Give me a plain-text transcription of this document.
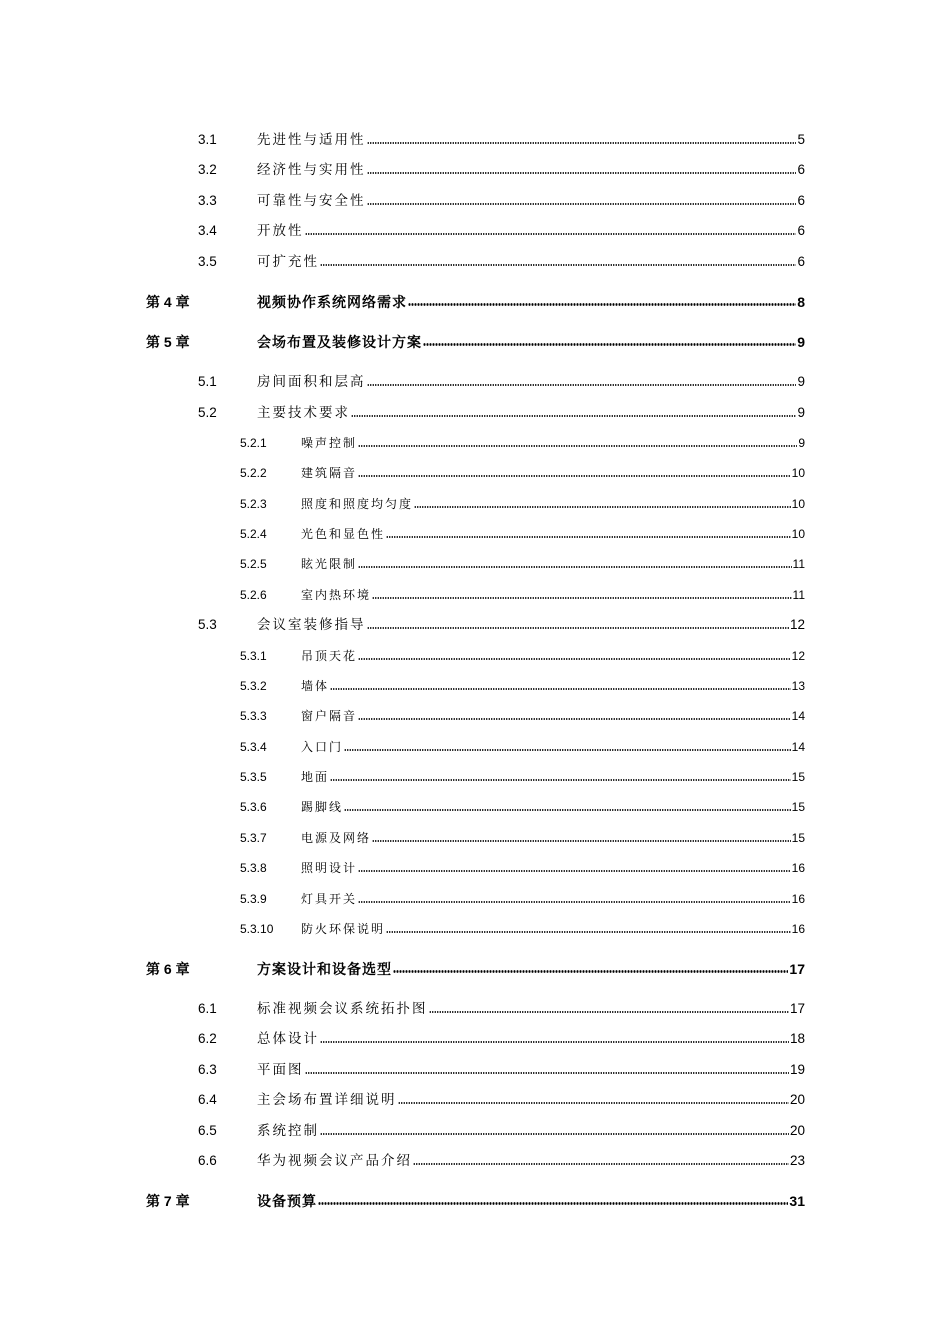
3.1	先进性与适用性	5
3.2	经济性与实用性	6
3.3	可靠性与安全性	6
3.4	开放性	6
3.5	可扩充性	6
第 4 章	视频协作系统网络需求	8
第 5 章	会场布置及装修设计方案	9
5.1	房间面积和层高	9
5.2	主要技术要求	9
5.2.1	噪声控制	9
5.2.2	建筑隔音	10
5.2.3	照度和照度均匀度	10
5.2.4	光色和显色性	10
5.2.5	眩光限制	11
5.2.6	室内热环境	11
5.3	会议室装修指导	12
5.3.1	吊顶天花	12
5.3.2	墙体	13
5.3.3	窗户隔音	14
5.3.4	入口门	14
5.3.5	地面	15
5.3.6	踢脚线	15
5.3.7	电源及网络	15
5.3.8	照明设计	16
5.3.9	灯具开关	16
5.3.10 防火环保说明	16
第 6 章	方案设计和设备选型	17
6.1	标准视频会议系统拓扑图	17
6.2	总体设计	18
6.3	平面图	19
6.4	主会场布置详细说明	20
6.5	系统控制	20
6.6	华为视频会议产品介绍	23
第 7 章	设备预算	31
